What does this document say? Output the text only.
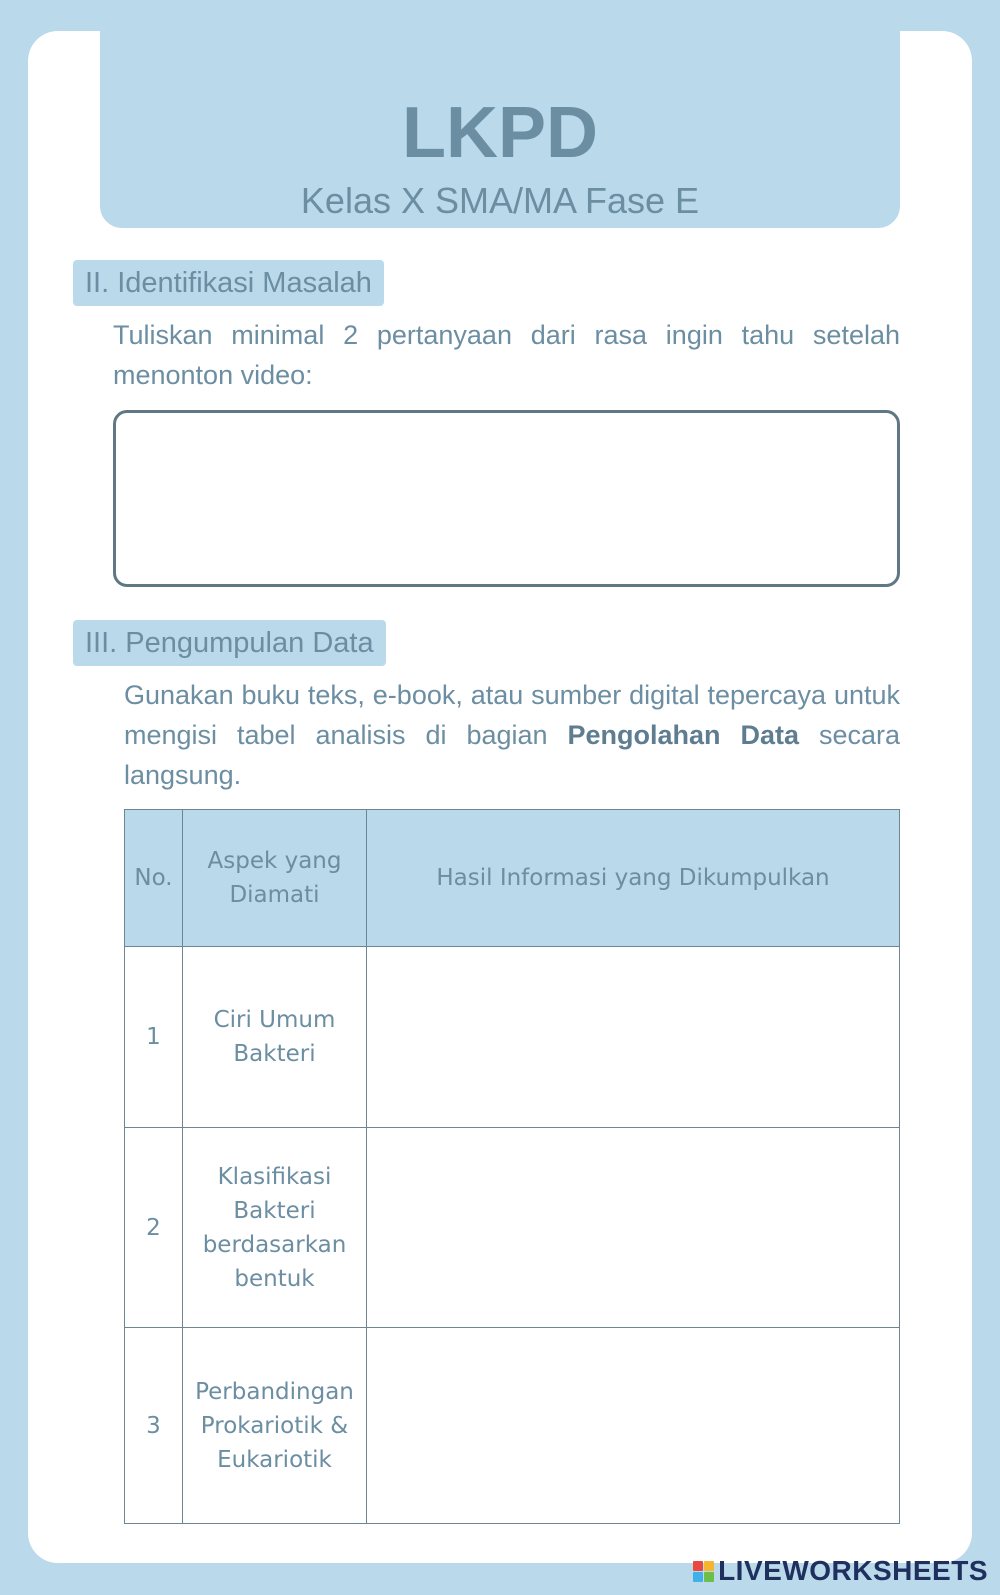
LKPD
Kelas X SMA/MA Fase E
II. Identifikasi Masalah
Tuliskan minimal 2 pertanyaan dari rasa ingin tahu setelah menonton video:
III. Pengumpulan Data
Gunakan buku teks, e-book, atau sumber digital tepercaya untuk mengisi tabel analisis di bagian Pengolahan Data secara langsung.
No.	Aspek yang Diamati	Hasil Informasi yang Dikumpulkan
1	Ciri Umum Bakteri	

2	Klasifikasi Bakteri berdasarkan bentuk	

3	Perbandingan Prokariotik & Eukariotik	
LIVEWORKSHEETS
